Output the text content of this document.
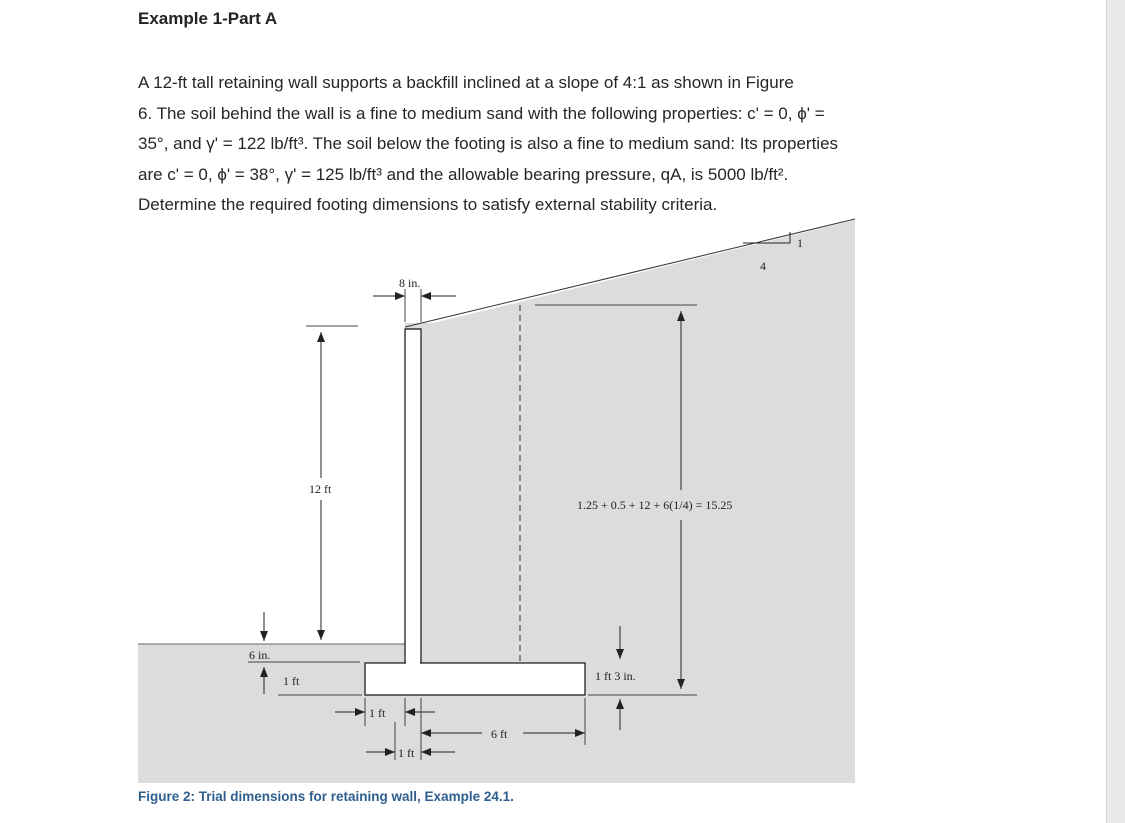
Example 1-Part A
A 12-ft tall retaining wall supports a backfill inclined at a slope of 4:1 as shown in Figure
6. The soil behind the wall is a fine to medium sand with the following properties: c' = 0, ϕ' =
35°, and γ' = 122 lb/ft³. The soil below the footing is also a fine to medium sand: Its properties
are c' = 0, ϕ' = 38°, γ' = 125 lb/ft³ and the allowable bearing pressure, qA, is 5000 lb/ft².
Determine the required footing dimensions to satisfy external stability criteria.
4
1
8 in.
12 ft
1.25 + 0.5 + 12 + 6(1/4) = 15.25
6 in.
1 ft	1 ft 3 in.
1 ft
1 ft
6 ft
Figure 2: Trial dimensions for retaining wall, Example 24.1.
